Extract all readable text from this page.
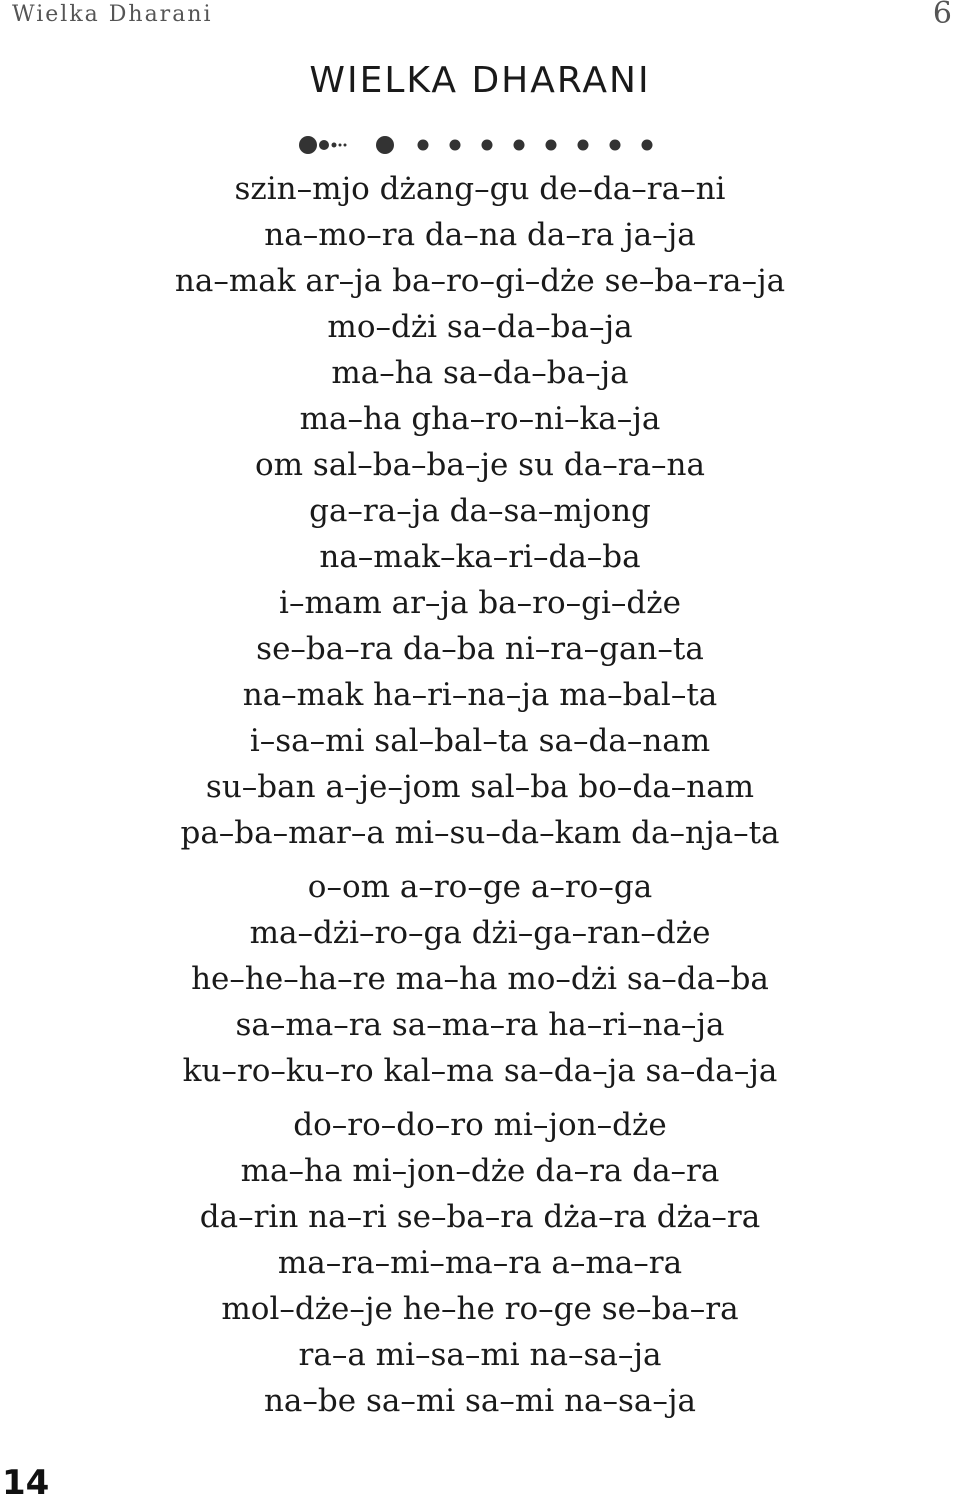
Wielka Dharani	6
WIELKA DHARANI
szin–mjo dżang–gu de–da–ra–ni
na–mo–ra da–na da–ra ja–ja
na–mak ar–ja ba–ro–gi–dże se–ba–ra–ja
mo–dżi sa–da–ba–ja
ma–ha sa–da–ba–ja
ma–ha gha–ro–ni–ka–ja
om sal–ba–ba–je su da–ra–na
ga–ra–ja da–sa–mjong
na–mak–ka–ri–da–ba
i–mam ar–ja ba–ro–gi–dże
se–ba–ra da–ba ni–ra–gan–ta
na–mak ha–ri–na–ja ma–bal–ta
i–sa–mi sal–bal–ta sa–da–nam
su–ban a–je–jom sal–ba bo–da–nam
pa–ba–mar–a mi–su–da–kam da–nja–ta
o–om a–ro–ge a–ro–ga
ma–dżi–ro–ga dżi–ga–ran–dże
he–he–ha–re ma–ha mo–dżi sa–da–ba
sa–ma–ra sa–ma–ra ha–ri–na–ja
ku–ro–ku–ro kal–ma sa–da–ja sa–da–ja
do–ro–do–ro mi–jon–dże
ma–ha mi–jon–dże da–ra da–ra
da–rin na–ri se–ba–ra dża–ra dża–ra
ma–ra–mi–ma–ra a–ma–ra
mol–dże–je he–he ro–ge se–ba–ra
ra–a mi–sa–mi na–sa–ja
na–be sa–mi sa–mi na–sa–ja
14
